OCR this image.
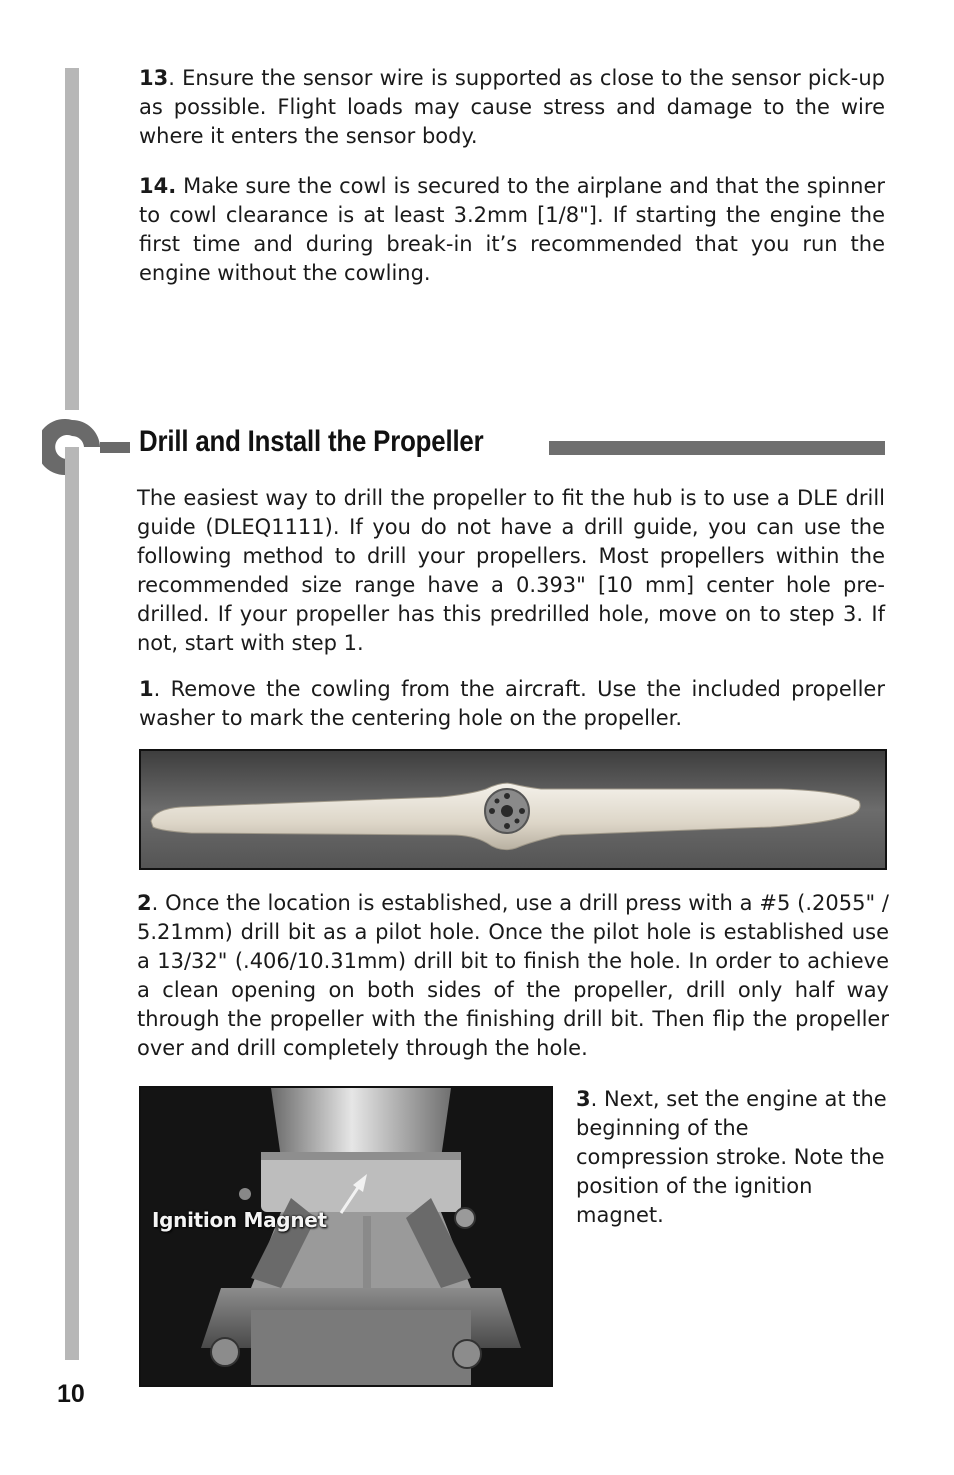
13. Ensure the sensor wire is supported as close to the sensor pick-up as possible. Flight loads may cause stress and damage to the wire where it enters the sensor body.

14. Make sure the cowl is secured to the airplane and that the spinner to cowl clearance is at least 3.2mm [1/8"]. If starting the engine the first time and during break-in it’s recommended that you run the engine without the cowling.

Drill and Install the Propeller

The easiest way to drill the propeller to fit the hub is to use a DLE drill guide (DLEQ1111). If you do not have a drill guide, you can use the following method to drill your propellers. Most propellers within the recommended size range have a 0.393" [10 mm] center hole pre-drilled. If your propeller has this predrilled hole, move on to step 3. If not, start with step 1.

1. Remove the cowling from the aircraft. Use the included propeller washer to mark the centering hole on the propeller.

2. Once the location is established, use a drill press with a #5 (.2055" / 5.21mm) drill bit as a pilot hole. Once the pilot hole is established use a 13/32" (.406/10.31mm) drill bit to finish the hole. In order to achieve a clean opening on both sides of the propeller, drill only half way through the propeller with the finishing drill bit. Then flip the propeller over and drill completely through the hole.

Ignition Magnet

3. Next, set the engine at the beginning of the compression stroke. Note the position of the ignition magnet.

10
